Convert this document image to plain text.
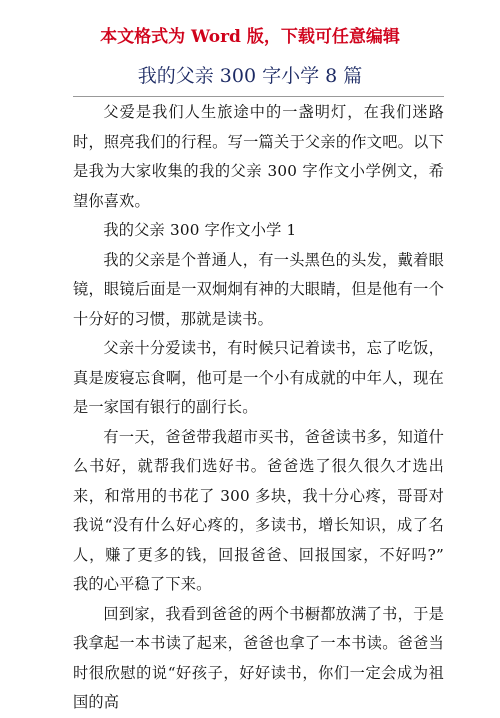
本文格式为 Word 版，下载可任意编辑
我的父亲 300 字小学 8 篇

父爱是我们人生旅途中的一盏明灯，在我们迷路时，照亮我们的行程。写一篇关于父亲的作文吧。以下是我为大家收集的我的父亲 300 字作文小学例文，希望你喜欢。

我的父亲 300 字作文小学 1

我的父亲是个普通人，有一头黑色的头发，戴着眼镜，眼镜后面是一双炯炯有神的大眼睛，但是他有一个十分好的习惯，那就是读书。

父亲十分爱读书，有时候只记着读书，忘了吃饭，真是废寝忘食啊，他可是一个小有成就的中年人，现在是一家国有银行的副行长。

有一天，爸爸带我超市买书，爸爸读书多，知道什么书好，就帮我们选好书。爸爸选了很久很久才选出来，和常用的书花了 300 多块，我十分心疼，哥哥对我说“没有什么好心疼的，多读书，增长知识，成了名人，赚了更多的钱，回报爸爸、回报国家，不好吗?” 我的心平稳了下来。

回到家，我看到爸爸的两个书橱都放满了书，于是我拿起一本书读了起来，爸爸也拿了一本书读。爸爸当时很欣慰的说“好孩子，好好读书，你们一定会成为祖国的高
